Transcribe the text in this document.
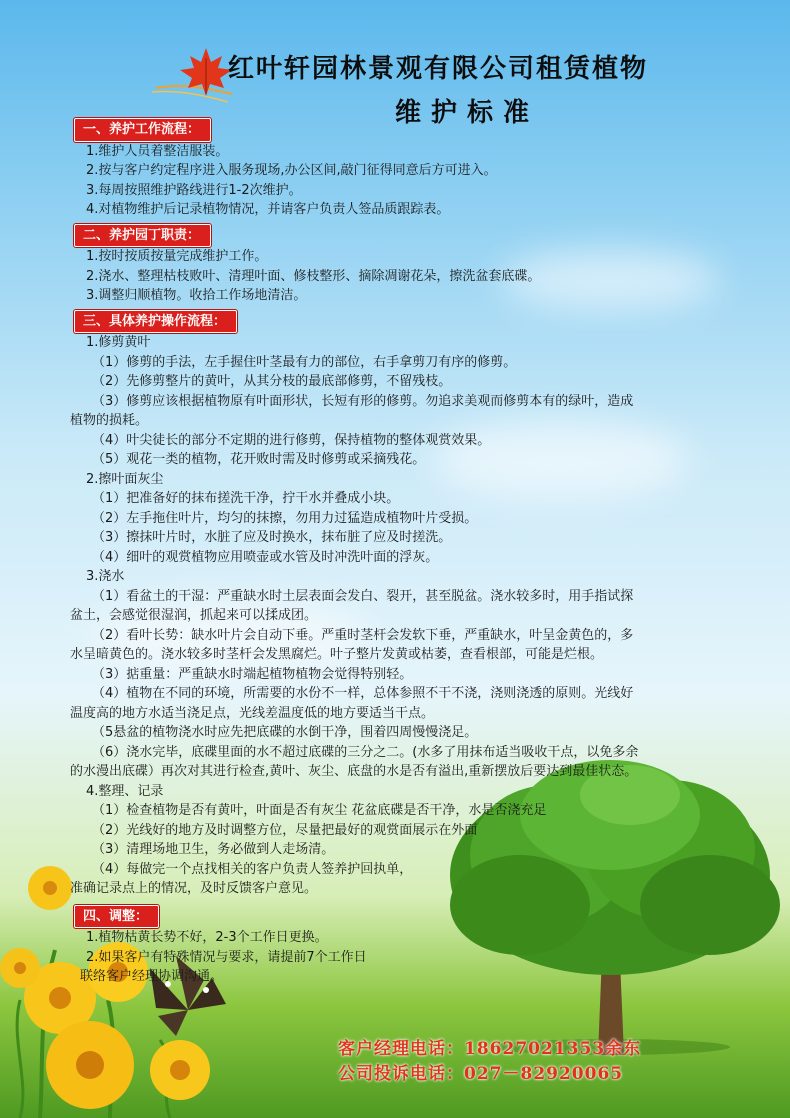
红叶轩园林景观有限公司租赁植物
维护标准
一、养护工作流程：
1.维护人员着整洁服装。
2.按与客户约定程序进入服务现场,办公区间,敲门征得同意后方可进入。
3.每周按照维护路线进行1-2次维护。
4.对植物维护后记录植物情况，并请客户负责人签品质跟踪表。
二、养护园丁职责：
1.按时按质按量完成维护工作。
2.浇水、整理枯枝败叶、清理叶面、修枝整形、摘除凋谢花朵，擦洗盆套底碟。
3.调整归顺植物。收拾工作场地清洁。
三、具体养护操作流程：
1.修剪黄叶
（1）修剪的手法，左手握住叶茎最有力的部位，右手拿剪刀有序的修剪。
（2）先修剪整片的黄叶，从其分枝的最底部修剪，不留残枝。
（3）修剪应该根据植物原有叶面形状，长短有形的修剪。勿追求美观而修剪本有的绿叶，造成
植物的损耗。
（4）叶尖徒长的部分不定期的进行修剪，保持植物的整体观赏效果。
（5）观花一类的植物，花开败时需及时修剪或采摘残花。
2.擦叶面灰尘
（1）把准备好的抹布搓洗干净，拧干水并叠成小块。
（2）左手拖住叶片，均匀的抹擦，勿用力过猛造成植物叶片受损。
（3）擦抹叶片时，水脏了应及时换水，抹布脏了应及时搓洗。
（4）细叶的观赏植物应用喷壶或水管及时冲洗叶面的浮灰。
3.浇水
（1）看盆土的干湿：严重缺水时土层表面会发白、裂开，甚至脱盆。浇水较多时，用手指试探
盆土，会感觉很湿润，抓起来可以揉成团。
（2）看叶长势：缺水叶片会自动下垂。严重时茎杆会发软下垂，严重缺水，叶呈金黄色的，多
水呈暗黄色的。浇水较多时茎杆会发黑腐烂。叶子整片发黄或枯萎，查看根部，可能是烂根。
（3）掂重量：严重缺水时端起植物植物会觉得特别轻。
（4）植物在不同的环境，所需要的水份不一样，总体参照不干不浇，浇则浇透的原则。光线好
温度高的地方水适当浇足点，光线差温度低的地方要适当干点。
（5悬盆的植物浇水时应先把底碟的水倒干净，围着四周慢慢浇足。
（6）浇水完毕，底碟里面的水不超过底碟的三分之二。(水多了用抹布适当吸收干点，以免多余
的水漫出底碟）再次对其进行检查,黄叶、灰尘、底盘的水是否有溢出,重新摆放后要达到最佳状态。
4.整理、记录
（1）检查植物是否有黄叶，叶面是否有灰尘 花盆底碟是否干净，水是否浇充足
（2）光线好的地方及时调整方位，尽量把最好的观赏面展示在外面
（3）清理场地卫生，务必做到人走场清。
（4）每做完一个点找相关的客户负责人签养护回执单，
准确记录点上的情况，及时反馈客户意见。
四、调整：
1.植物枯黄长势不好，2-3个工作日更换。
2.如果客户有特殊情况与要求，请提前7个工作日
联络客户经理协调沟通。
客户经理电话：18627021353余东
公司投诉电话：027－82920065
